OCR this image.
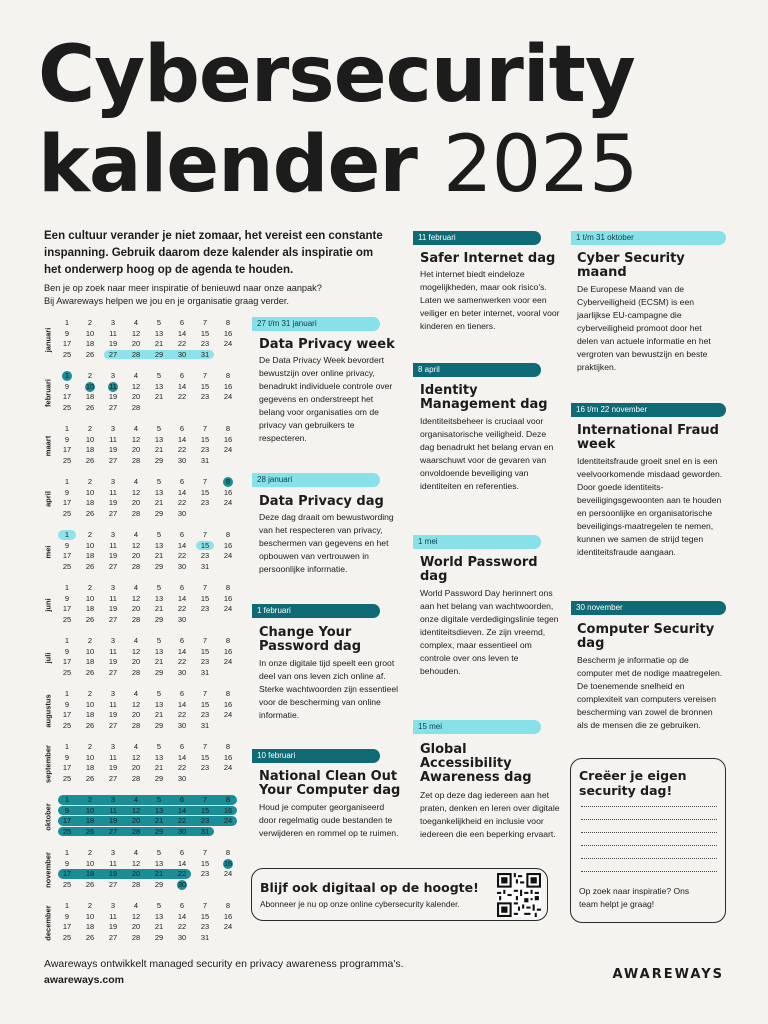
Cybersecurity
kalender 2025
Een cultuur verander je niet zomaar, het vereist een constante inspanning. Gebruik daarom deze kalender als inspiratie om het onderwerp hoog op de agenda te houden.
Ben je op zoek naar meer inspiratie of benieuwd naar onze aanpak?
Bij Awareways helpen we jou en je organisatie graag verder.
januari
1	2	3	4	5	6	7	8
9	10	11	12	13	14	15	16
17	18	19	20	21	22	23	24
25	26	27	28	29	30	31
februari
1	2	3	4	5	6	7	8
9	10	11	12	13	14	15	16
17	18	19	20	21	22	23	24
25	26	27	28
maart
1	2	3	4	5	6	7	8
9	10	11	12	13	14	15	16
17	18	19	20	21	22	23	24
25	26	27	28	29	30	31
april
1	2	3	4	5	6	7	8
9	10	11	12	13	14	15	16
17	18	19	20	21	22	23	24
25	26	27	28	29	30
mei
1	2	3	4	5	6	7	8
9	10	11	12	13	14	15	16
17	18	19	20	21	22	23	24
25	26	27	28	29	30	31
juni
1	2	3	4	5	6	7	8
9	10	11	12	13	14	15	16
17	18	19	20	21	22	23	24
25	26	27	28	29	30
juli
1	2	3	4	5	6	7	8
9	10	11	12	13	14	15	16
17	18	19	20	21	22	23	24
25	26	27	28	29	30	31
augustus
1	2	3	4	5	6	7	8
9	10	11	12	13	14	15	16
17	18	19	20	21	22	23	24
25	26	27	28	29	30	31
september	1	2	3	4	5	6	7	8
9	10	11	12	13	14	15	16
17	18	19	20	21	22	23	24
25	26	27	28	29	30
oktober
1	2	3	4	5	6	7	8
9	10	11	12	13	14	15	16
17	18	19	20	21	22	23	24
25	26	27	28	29	30	31
november	1	2	3	4	5	6	7	8
9	10	11	12	13	14	15	16
17	18	19	20	21	22	23	24
25	26	27	28	29	30
december	1	2	3	4	5	6	7	8
9	10	11	12	13	14	15	16
17	18	19	20	21	22	23	24
25	26	27	28	29	30	31
27 t/m 31 januari
Data Privacy week
De Data Privacy Week bevordert bewustzijn over online privacy, benadrukt individuele controle over gegevens en onderstreept het belang voor organisaties om de privacy van gebruikers te respecteren.
28 januari
Data Privacy dag
Deze dag draait om bewustwording van het respecteren van privacy, beschermen van gegevens en het opbouwen van vertrouwen in persoonlijke informatie.
1 februari
Change Your Password dag
In onze digitale tijd speelt een groot deel van ons leven zich online af. Sterke wachtwoorden zijn essentieel voor de bescherming van online informatie.
10 februari
National Clean Out Your Computer dag
Houd je computer georganiseerd door regelmatig oude bestanden te verwijderen en rommel op te ruimen.
11 februari
Safer Internet dag
Het internet biedt eindeloze mogelijkheden, maar ook risico's. Laten we samenwerken voor een veiliger en beter internet, vooral voor kinderen en tieners.
8 april
Identity Management dag
Identiteitsbeheer is cruciaal voor organisatorische veiligheid. Deze dag benadrukt het belang ervan en waarschuwt voor de gevaren van onvoldoende beveiliging van identiteiten en referenties.
1 mei
World Password dag
World Password Day herinnert ons aan het belang van wachtwoorden, onze digitale verdedigingslinie tegen identiteitsdieven. Ze zijn vreemd, complex, maar essentieel om controle over ons leven te behouden.
15 mei
Global Accessibility Awareness dag
Zet op deze dag iedereen aan het praten, denken en leren over digitale toegankelijkheid en inclusie voor iedereen die een beperking ervaart.
1 t/m 31 oktober
Cyber Security maand
De Europese Maand van de Cyberveiligheid (ECSM) is een jaarlijkse EU-campagne die cyberveiligheid promoot door het delen van actuele informatie en het vergroten van bewustzijn en beste praktijken.
16 t/m 22 november
International Fraud week
Identiteitsfraude groeit snel en is een veelvoorkomende misdaad geworden. Door goede identiteits-beveiligingsgewoonten aan te houden en persoonlijke en organisatorische beveiligings-maatregelen te nemen, kunnen we samen de strijd tegen identiteitsfraude aangaan.
30 november
Computer Security dag
Bescherm je informatie op de computer met de nodige maatregelen. De toenemende snelheid en complexiteit van computers vereisen bescherming van zowel de bronnen als de mensen die ze gebruiken.
Blijf ook digitaal op de hoogte!
Abonneer je nu op onze online cybersecurity kalender.
Creëer je eigen security dag!
Op zoek naar inspiratie? Ons team helpt je graag!
Awareways ontwikkelt managed security en privacy awareness programma's.
awareways.com	AWAREWAYS
